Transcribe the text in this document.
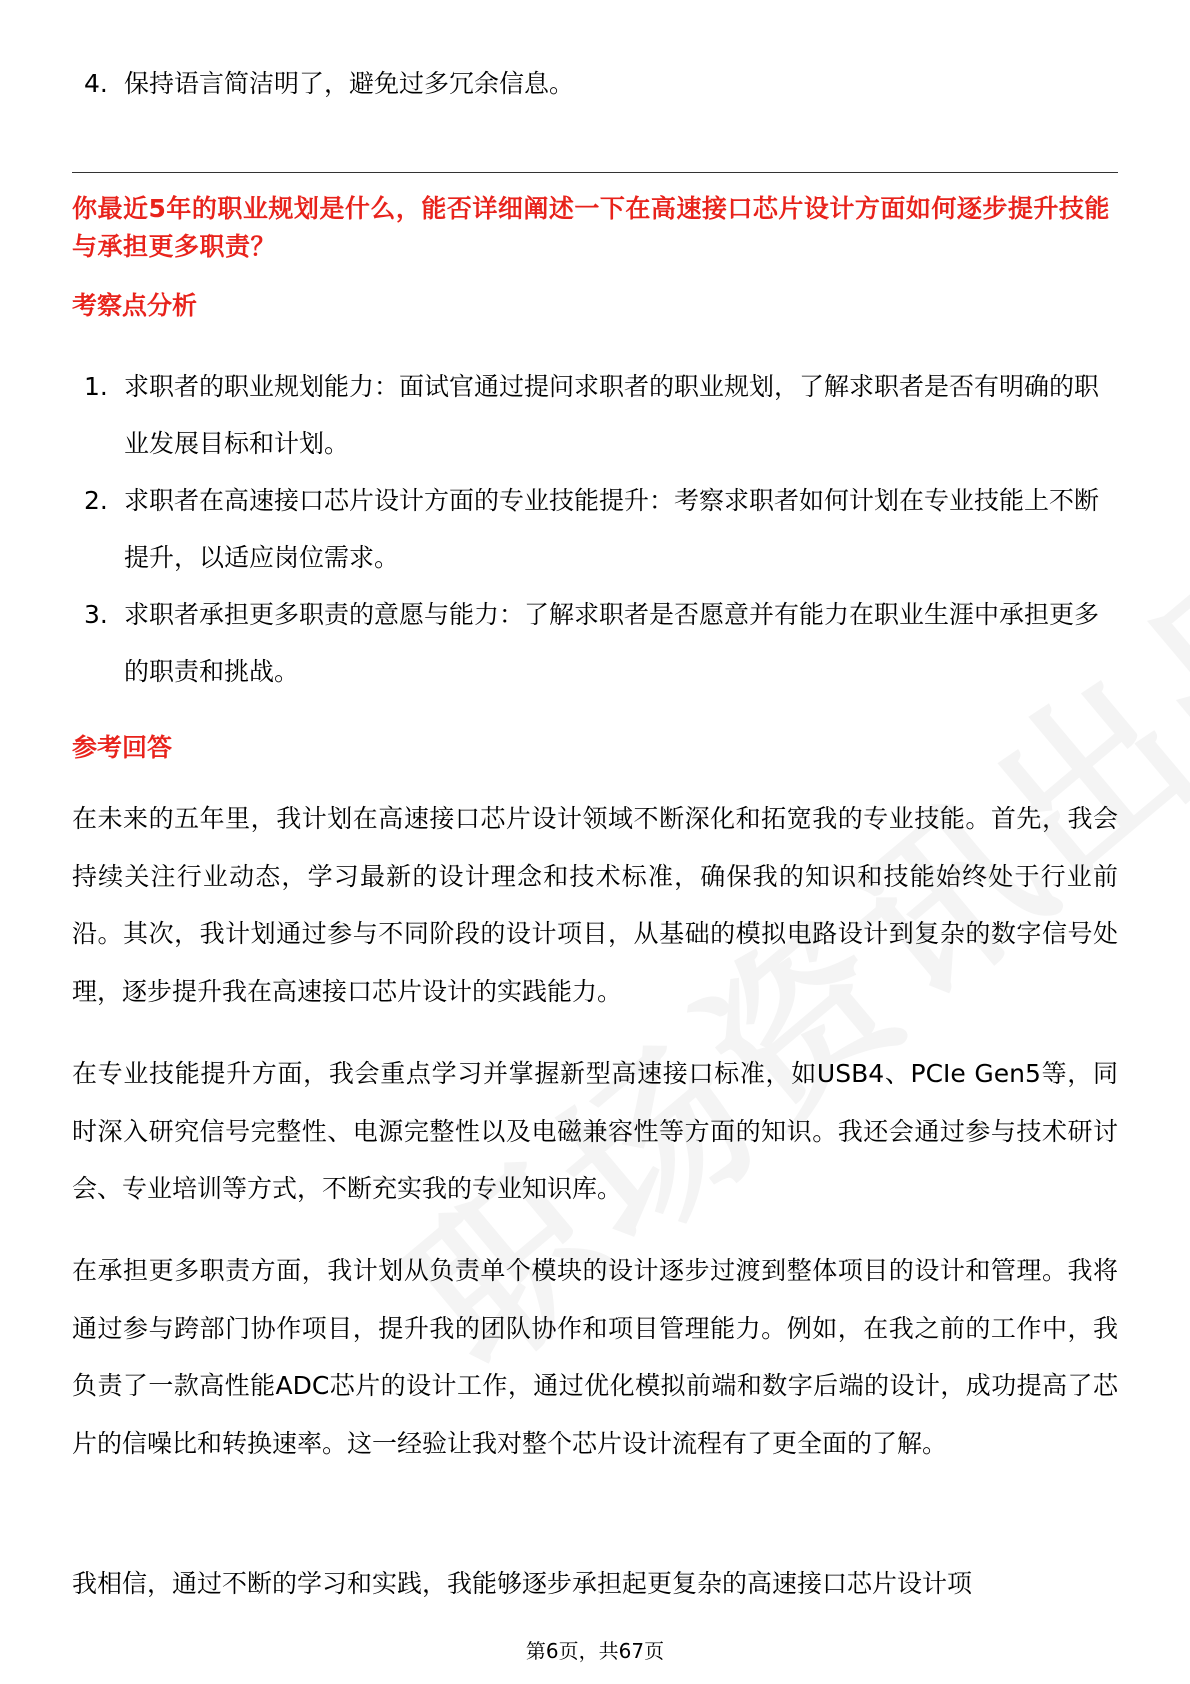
4. 保持语言简洁明了，避免过多冗余信息。
你最近5年的职业规划是什么，能否详细阐述一下在高速接口芯片设计方面如何逐步提升技能与承担更多职责？
考察点分析
1. 求职者的职业规划能力：面试官通过提问求职者的职业规划，了解求职者是否有明确的职业发展目标和计划。
2. 求职者在高速接口芯片设计方面的专业技能提升：考察求职者如何计划在专业技能上不断提升，以适应岗位需求。
3. 求职者承担更多职责的意愿与能力：了解求职者是否愿意并有能力在职业生涯中承担更多的职责和挑战。
参考回答

在未来的五年里，我计划在高速接口芯片设计领域不断深化和拓宽我的专业技能。首先，我会持续关注行业动态，学习最新的设计理念和技术标准，确保我的知识和技能始终处于行业前沿。其次，我计划通过参与不同阶段的设计项目，从基础的模拟电路设计到复杂的数字信号处理，逐步提升我在高速接口芯片设计的实践能力。

在专业技能提升方面，我会重点学习并掌握新型高速接口标准，如USB4、PCIe Gen5等，同时深入研究信号完整性、电源完整性以及电磁兼容性等方面的知识。我还会通过参与技术研讨会、专业培训等方式，不断充实我的专业知识库。

在承担更多职责方面，我计划从负责单个模块的设计逐步过渡到整体项目的设计和管理。我将通过参与跨部门协作项目，提升我的团队协作和项目管理能力。例如，在我之前的工作中，我负责了一款高性能ADC芯片的设计工作，通过优化模拟前端和数字后端的设计，成功提高了芯片的信噪比和转换速率。这一经验让我对整个芯片设计流程有了更全面的了解。

我相信，通过不断的学习和实践，我能够逐步承担起更复杂的高速接口芯片设计项

第6页，共67页
